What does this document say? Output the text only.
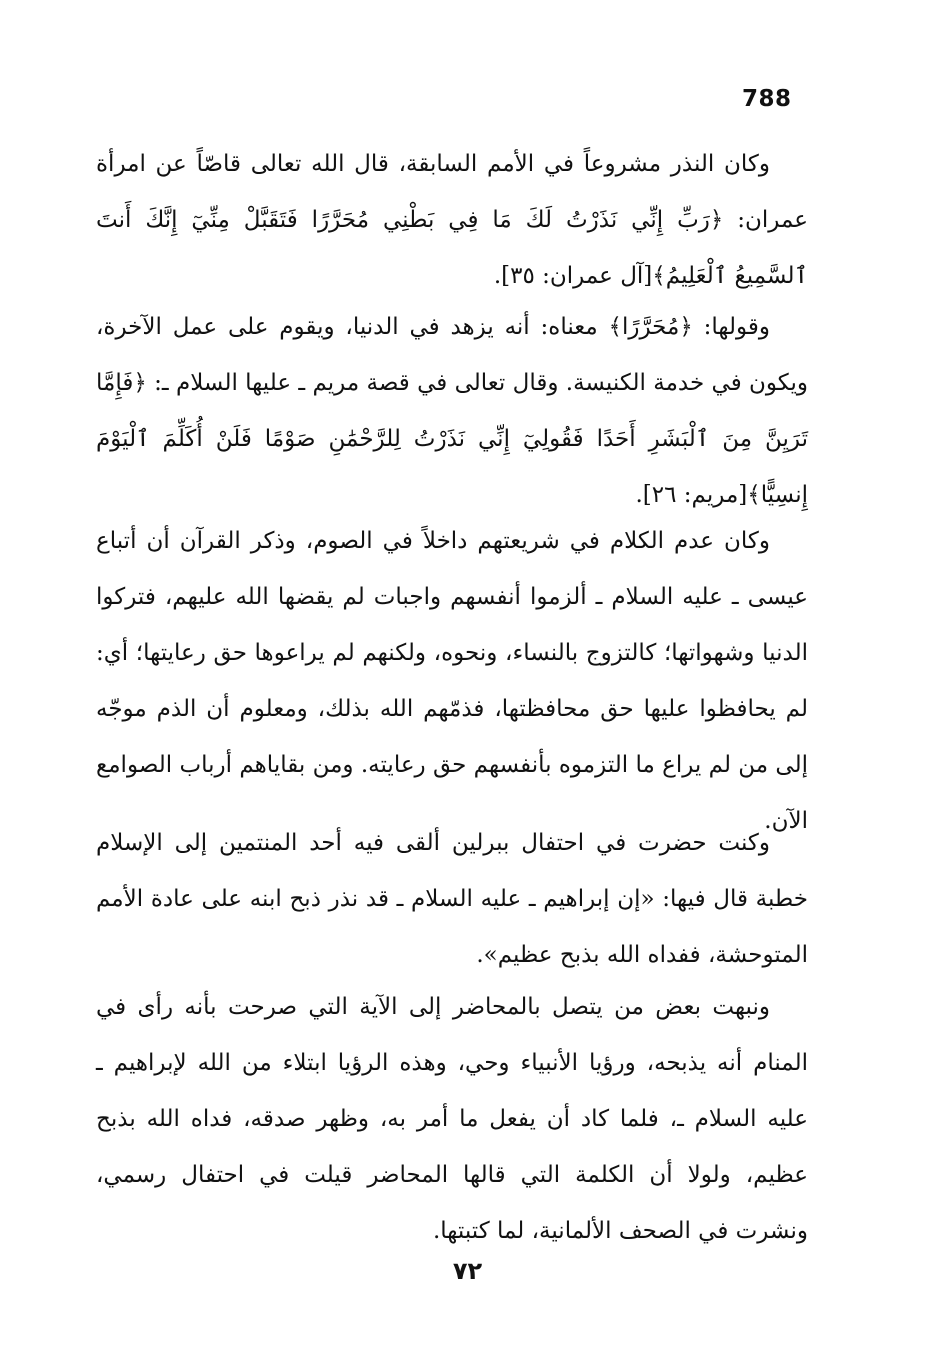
788

وكان النذر مشروعاً في الأمم السابقة، قال الله تعالى قاصّاً عن امرأة عمران: ﴿رَبِّ إِنِّي نَذَرْتُ لَكَ مَا فِي بَطْنِي مُحَرَّرًا فَتَقَبَّلْ مِنِّيٓ إِنَّكَ أَنتَ ٱلسَّمِيعُ ٱلْعَلِيمُ﴾[آل عمران: ٣٥].

وقولها: ﴿مُحَرَّرًا﴾ معناه: أنه يزهد في الدنيا، ويقوم على عمل الآخرة، ويكون في خدمة الكنيسة. وقال تعالى في قصة مريم ـ عليها السلام ـ: ﴿فَإِمَّا تَرَيِنَّ مِنَ ٱلْبَشَرِ أَحَدًا فَقُولِيٓ إِنِّي نَذَرْتُ لِلرَّحْمَٰنِ صَوْمًا فَلَنْ أُكَلِّمَ ٱلْيَوْمَ إِنسِيًّا﴾[مريم: ٢٦].

وكان عدم الكلام في شريعتهم داخلاً في الصوم، وذكر القرآن أن أتباع عيسى ـ عليه السلام ـ ألزموا أنفسهم واجبات لم يقضها الله عليهم، فتركوا الدنيا وشهواتها؛ كالتزوج بالنساء، ونحوه، ولكنهم لم يراعوها حق رعايتها؛ أي: لم يحافظوا عليها حق محافظتها، فذمّهم الله بذلك، ومعلوم أن الذم موجّه إلى من لم يراع ما التزموه بأنفسهم حق رعايته. ومن بقاياهم أرباب الصوامع الآن.

وكنت حضرت في احتفال ببرلين ألقى فيه أحد المنتمين إلى الإسلام خطبة قال فيها: «إن إبراهيم ـ عليه السلام ـ قد نذر ذبح ابنه على عادة الأمم المتوحشة، ففداه الله بذبح عظيم».

ونبهت بعض من يتصل بالمحاضر إلى الآية التي صرحت بأنه رأى في المنام أنه يذبحه، ورؤيا الأنبياء وحي، وهذه الرؤيا ابتلاء من الله لإبراهيم ـ عليه السلام ـ، فلما كاد أن يفعل ما أمر به، وظهر صدقه، فداه الله بذبح عظيم، ولولا أن الكلمة التي قالها المحاضر قيلت في احتفال رسمي، ونشرت في الصحف الألمانية، لما كتبتها.

٧٢
